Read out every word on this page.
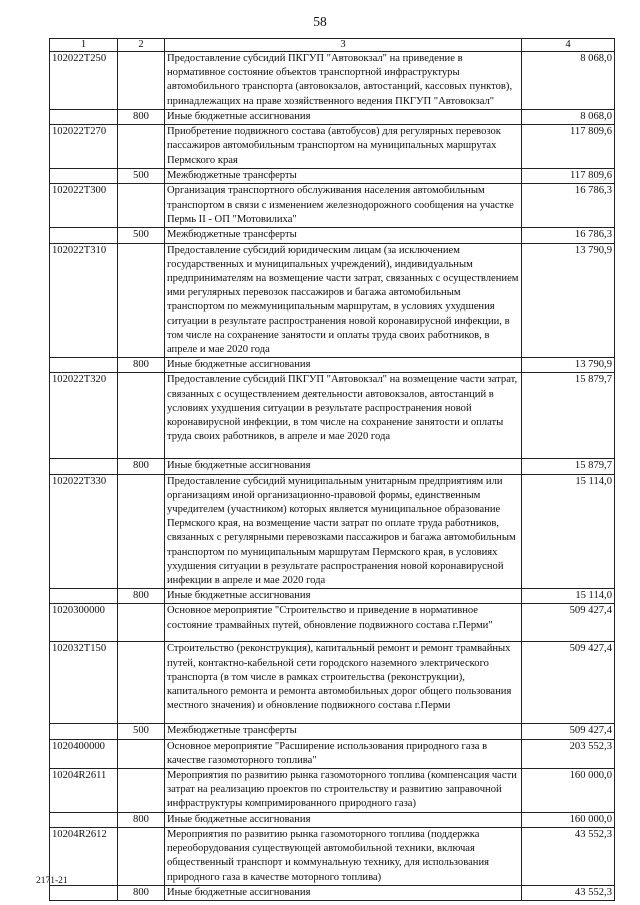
58
1	2	3	4
102022T250		Предоставление субсидий ПКГУП "Автовокзал" на приведение в нормативное состояние объектов транспортной инфраструктуры автомобильного транспорта (автовокзалов, автостанций, кассовых пунктов), принадлежащих на праве хозяйственного ведения ПКГУП "Автовокзал"	8 068,0
	800	Иные бюджетные ассигнования	8 068,0
102022T270		Приобретение подвижного состава (автобусов) для регулярных перевозок пассажиров автомобильным транспортом на муниципальных маршрутах Пермского края	117 809,6
	500	Межбюджетные трансферты	117 809,6
102022T300		Организация транспортного обслуживания населения автомобильным транспортом в связи с изменением железнодорожного сообщения на участке Пермь II - ОП "Мотовилиха"	16 786,3
	500	Межбюджетные трансферты	16 786,3
102022T310		Предоставление субсидий юридическим лицам (за исключением государственных и муниципальных учреждений), индивидуальным предпринимателям на возмещение части затрат, связанных с осуществлением ими регулярных перевозок пассажиров и багажа автомобильным транспортом по межмуниципальным маршрутам, в условиях ухудшения ситуации в результате распространения новой коронавирусной инфекции, в том числе на сохранение занятости и оплаты труда своих работников, в апреле и мае 2020 года	13 790,9
	800	Иные бюджетные ассигнования	13 790,9
102022T320		Предоставление субсидий ПКГУП "Автовокзал" на возмещение части затрат, связанных с осуществлением деятельности автовокзалов, автостанций в условиях ухудшения ситуации в результате распространения новой коронавирусной инфекции, в том числе на сохранение занятости и оплаты труда своих работников, в апреле и мае 2020 года	15 879,7
	800	Иные бюджетные ассигнования	15 879,7
102022T330		Предоставление субсидий муниципальным унитарным предприятиям или организациям иной организационно-правовой формы, единственным учредителем (участником) которых является муниципальное образование Пермского края, на возмещение части затрат по оплате труда работников, связанных с регулярными перевозками пассажиров и багажа автомобильным транспортом по муниципальным маршрутам Пермского края, в условиях ухудшения ситуации в результате распространения новой коронавирусной инфекции в апреле и мае 2020 года	15 114,0
	800	Иные бюджетные ассигнования	15 114,0
1020300000		Основное мероприятие "Строительство и приведение в нормативное состояние трамвайных путей, обновление подвижного состава г.Перми"	509 427,4
102032T150		Строительство (реконструкция), капитальный ремонт и ремонт трамвайных путей, контактно-кабельной сети городского наземного электрического транспорта (в том числе в рамках строительства (реконструкции), капитального ремонта и ремонта автомобильных дорог общего пользования местного значения) и обновление подвижного состава г.Перми	509 427,4
	500	Межбюджетные трансферты	509 427,4
1020400000		Основное мероприятие "Расширение использования природного газа в качестве газомоторного топлива"	203 552,3
10204R2611		Мероприятия по развитию рынка газомоторного топлива (компенсация части затрат на реализацию проектов по строительству и развитию заправочной инфраструктуры компримированного природного газа)	160 000,0
	800	Иные бюджетные ассигнования	160 000,0
10204R2612		Мероприятия по развитию рынка газомоторного топлива (поддержка переоборудования существующей автомобильной техники, включая общественный транспорт и коммунальную технику, для использования природного газа в качестве моторного топлива)	43 552,3
	800	Иные бюджетные ассигнования	43 552,3
2171-21
